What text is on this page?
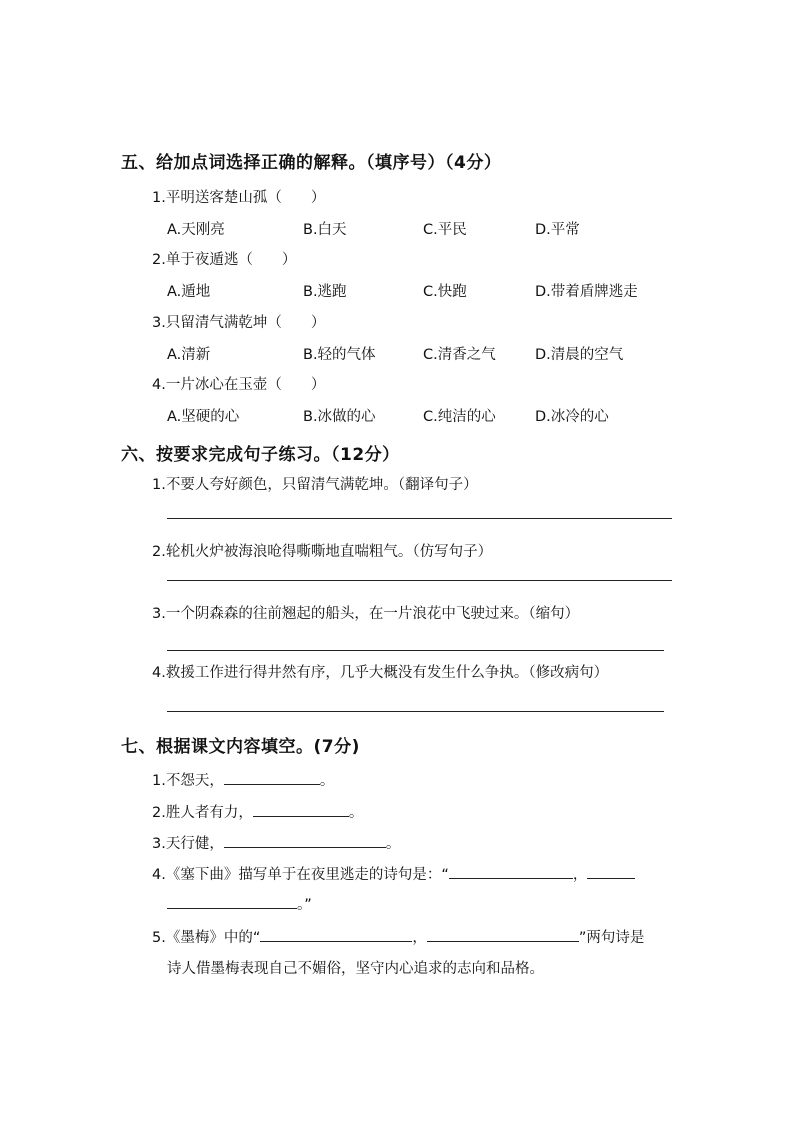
五、给加点词选择正确的解释。（填序号）（4分）
1.平明送客楚山孤（　　）
A.天刚亮	B.白天	C.平民	D.平常
2.单于夜遁逃（　　）
A.遁地	B.逃跑	C.快跑	D.带着盾牌逃走
3.只留清气满乾坤（　　）
A.清新	B.轻的气体	C.清香之气	D.清晨的空气
4.一片冰心在玉壶（　　）
A.坚硬的心	B.冰做的心	C.纯洁的心	D.冰冷的心
六、按要求完成句子练习。（12分）
1.不要人夸好颜色，只留清气满乾坤。（翻译句子）
2.轮机火炉被海浪呛得嘶嘶地直喘粗气。（仿写句子）
3.一个阴森森的往前翘起的船头，在一片浪花中飞驶过来。（缩句）
4.救援工作进行得井然有序，几乎大概没有发生什么争执。（修改病句）
七、根据课文内容填空。(7分)
1.不怨天，	。
2.胜人者有力，	。
3.天行健，	。
4.《塞下曲》描写单于在夜里逃走的诗句是：“	，
。”
5.《墨梅》中的“	，	”两句诗是
诗人借墨梅表现自己不媚俗，坚守内心追求的志向和品格。
